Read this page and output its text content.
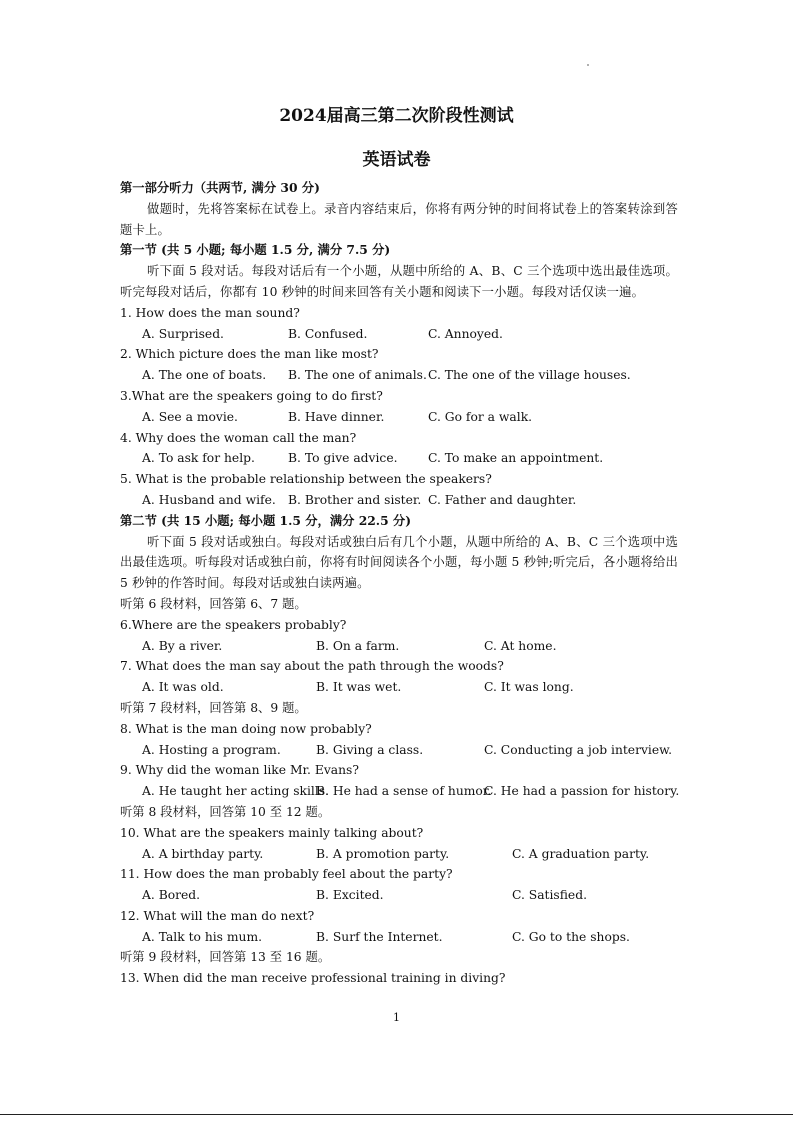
2024届高三第二次阶段性测试
英语试卷
第一部分听力（共两节, 满分 30 分)
做题时，先将答案标在试卷上。录音内容结束后，你将有两分钟的时间将试卷上的答案转涂到答题卡上。
第一节 (共 5 小题; 每小题 1.5 分, 满分 7.5 分)
听下面 5 段对话。每段对话后有一个小题，从题中所给的 A、B、C 三个选项中选出最佳选项。听完每段对话后，你都有 10 秒钟的时间来回答有关小题和阅读下一小题。每段对话仅读一遍。
1. How does the man sound?
A. Surprised.	B. Confused.	C. Annoyed.
2. Which picture does the man like most?
A. The one of boats. B. The one of animals. C. The one of the village houses.
3.What are the speakers going to do first?
A. See a movie.	B. Have dinner.	C. Go for a walk.
4. Why does the woman call the man?
A. To ask for help.	B. To give advice. C. To make an appointment.
5. What is the probable relationship between the speakers?
A. Husband and wife. B. Brother and sister. C. Father and daughter.
第二节 (共 15 小题; 每小题 1.5 分，满分 22.5 分)
听下面 5 段对话或独白。每段对话或独白后有几个小题，从题中所给的 A、B、C 三个选项中选出最佳选项。听每段对话或独白前，你将有时间阅读各个小题，每小题 5 秒钟;听完后，各小题将给出 5 秒钟的作答时间。每段对话或独白读两遍。
听第 6 段材料，回答第 6、7 题。
6.Where are the speakers probably?
A. By a river.	B. On a farm.	C. At home.
7. What does the man say about the path through the woods?
A. It was old.	B. It was wet.	C. It was long.
听第 7 段材料，回答第 8、9 题。
8. What is the man doing now probably?
A. Hosting a program.	B. Giving a class.	C. Conducting a job interview.
9. Why did the woman like Mr. Evans?
A. He taught her acting skills.
B. He had a sense of humor.
C. He had a passion for history.
听第 8 段材料，回答第 10 至 12 题。
10. What are the speakers mainly talking about?
A. A birthday party.	B. A promotion party.	C. A graduation party.
11. How does the man probably feel about the party?
A. Bored.	B. Excited.	C. Satisfied.
12. What will the man do next?
A. Talk to his mum.	B. Surf the Internet.	C. Go to the shops.
听第 9 段材料，回答第 13 至 16 题。
13. When did the man receive professional training in diving?
1
